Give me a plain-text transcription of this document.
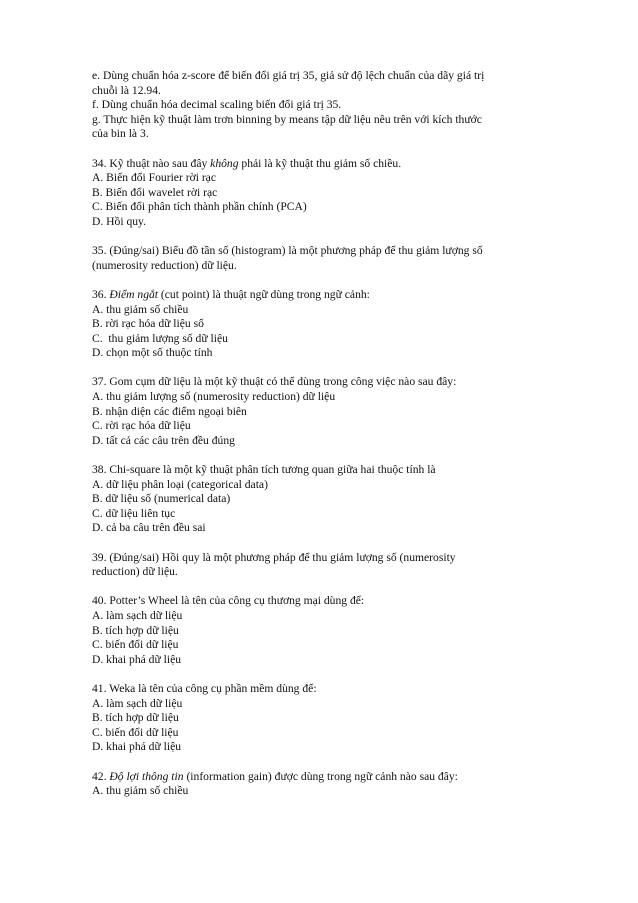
e. Dùng chuẩn hóa z-score để biến đổi giá trị 35, giả sử độ lệch chuẩn của dãy giá trị
chuỗi là 12.94.
f. Dùng chuẩn hóa decimal scaling biến đổi giá trị 35.
g. Thực hiện kỹ thuật làm trơn binning by means tập dữ liệu nêu trên với kích thước
của bin là 3.
34. Kỹ thuật nào sau đây không phải là kỹ thuật thu giảm số chiều.
A. Biến đổi Fourier rời rạc
B. Biến đổi wavelet rời rạc
C. Biến đổi phân tích thành phần chính (PCA)
D. Hồi quy.
35. (Đúng/sai) Biểu đồ tần số (histogram) là một phương pháp để thu giảm lượng số
(numerosity reduction) dữ liệu.
36. Điểm ngắt (cut point) là thuật ngữ dùng trong ngữ cảnh:
A. thu giảm số chiều
B. rời rạc hóa dữ liệu số
C.  thu giảm lượng số dữ liệu
D. chọn một số thuộc tính
37. Gom cụm dữ liệu là một kỹ thuật có thể dùng trong công việc nào sau đây:
A. thu giảm lượng số (numerosity reduction) dữ liệu
B. nhận diện các điểm ngoại biên
C. rời rạc hóa dữ liệu
D. tất cả các câu trên đều đúng
38. Chi-square là một kỹ thuật phân tích tương quan giữa hai thuộc tính là
A. dữ liệu phân loại (categorical data)
B. dữ liệu số (numerical data)
C. dữ liệu liên tục
D. cả ba câu trên đều sai
39. (Đúng/sai) Hồi quy là một phương pháp để thu giảm lượng số (numerosity
reduction) dữ liệu.
40. Potter’s Wheel là tên của công cụ thương mại dùng để:
A. làm sạch dữ liệu
B. tích hợp dữ liệu
C. biến đổi dữ liệu
D. khai phá dữ liệu
41. Weka là tên của công cụ phần mềm dùng để:
A. làm sạch dữ liệu
B. tích hợp dữ liệu
C. biến đổi dữ liệu
D. khai phá dữ liệu
42. Độ lợi thông tin (information gain) được dùng trong ngữ cảnh nào sau đây:
A. thu giảm số chiều
